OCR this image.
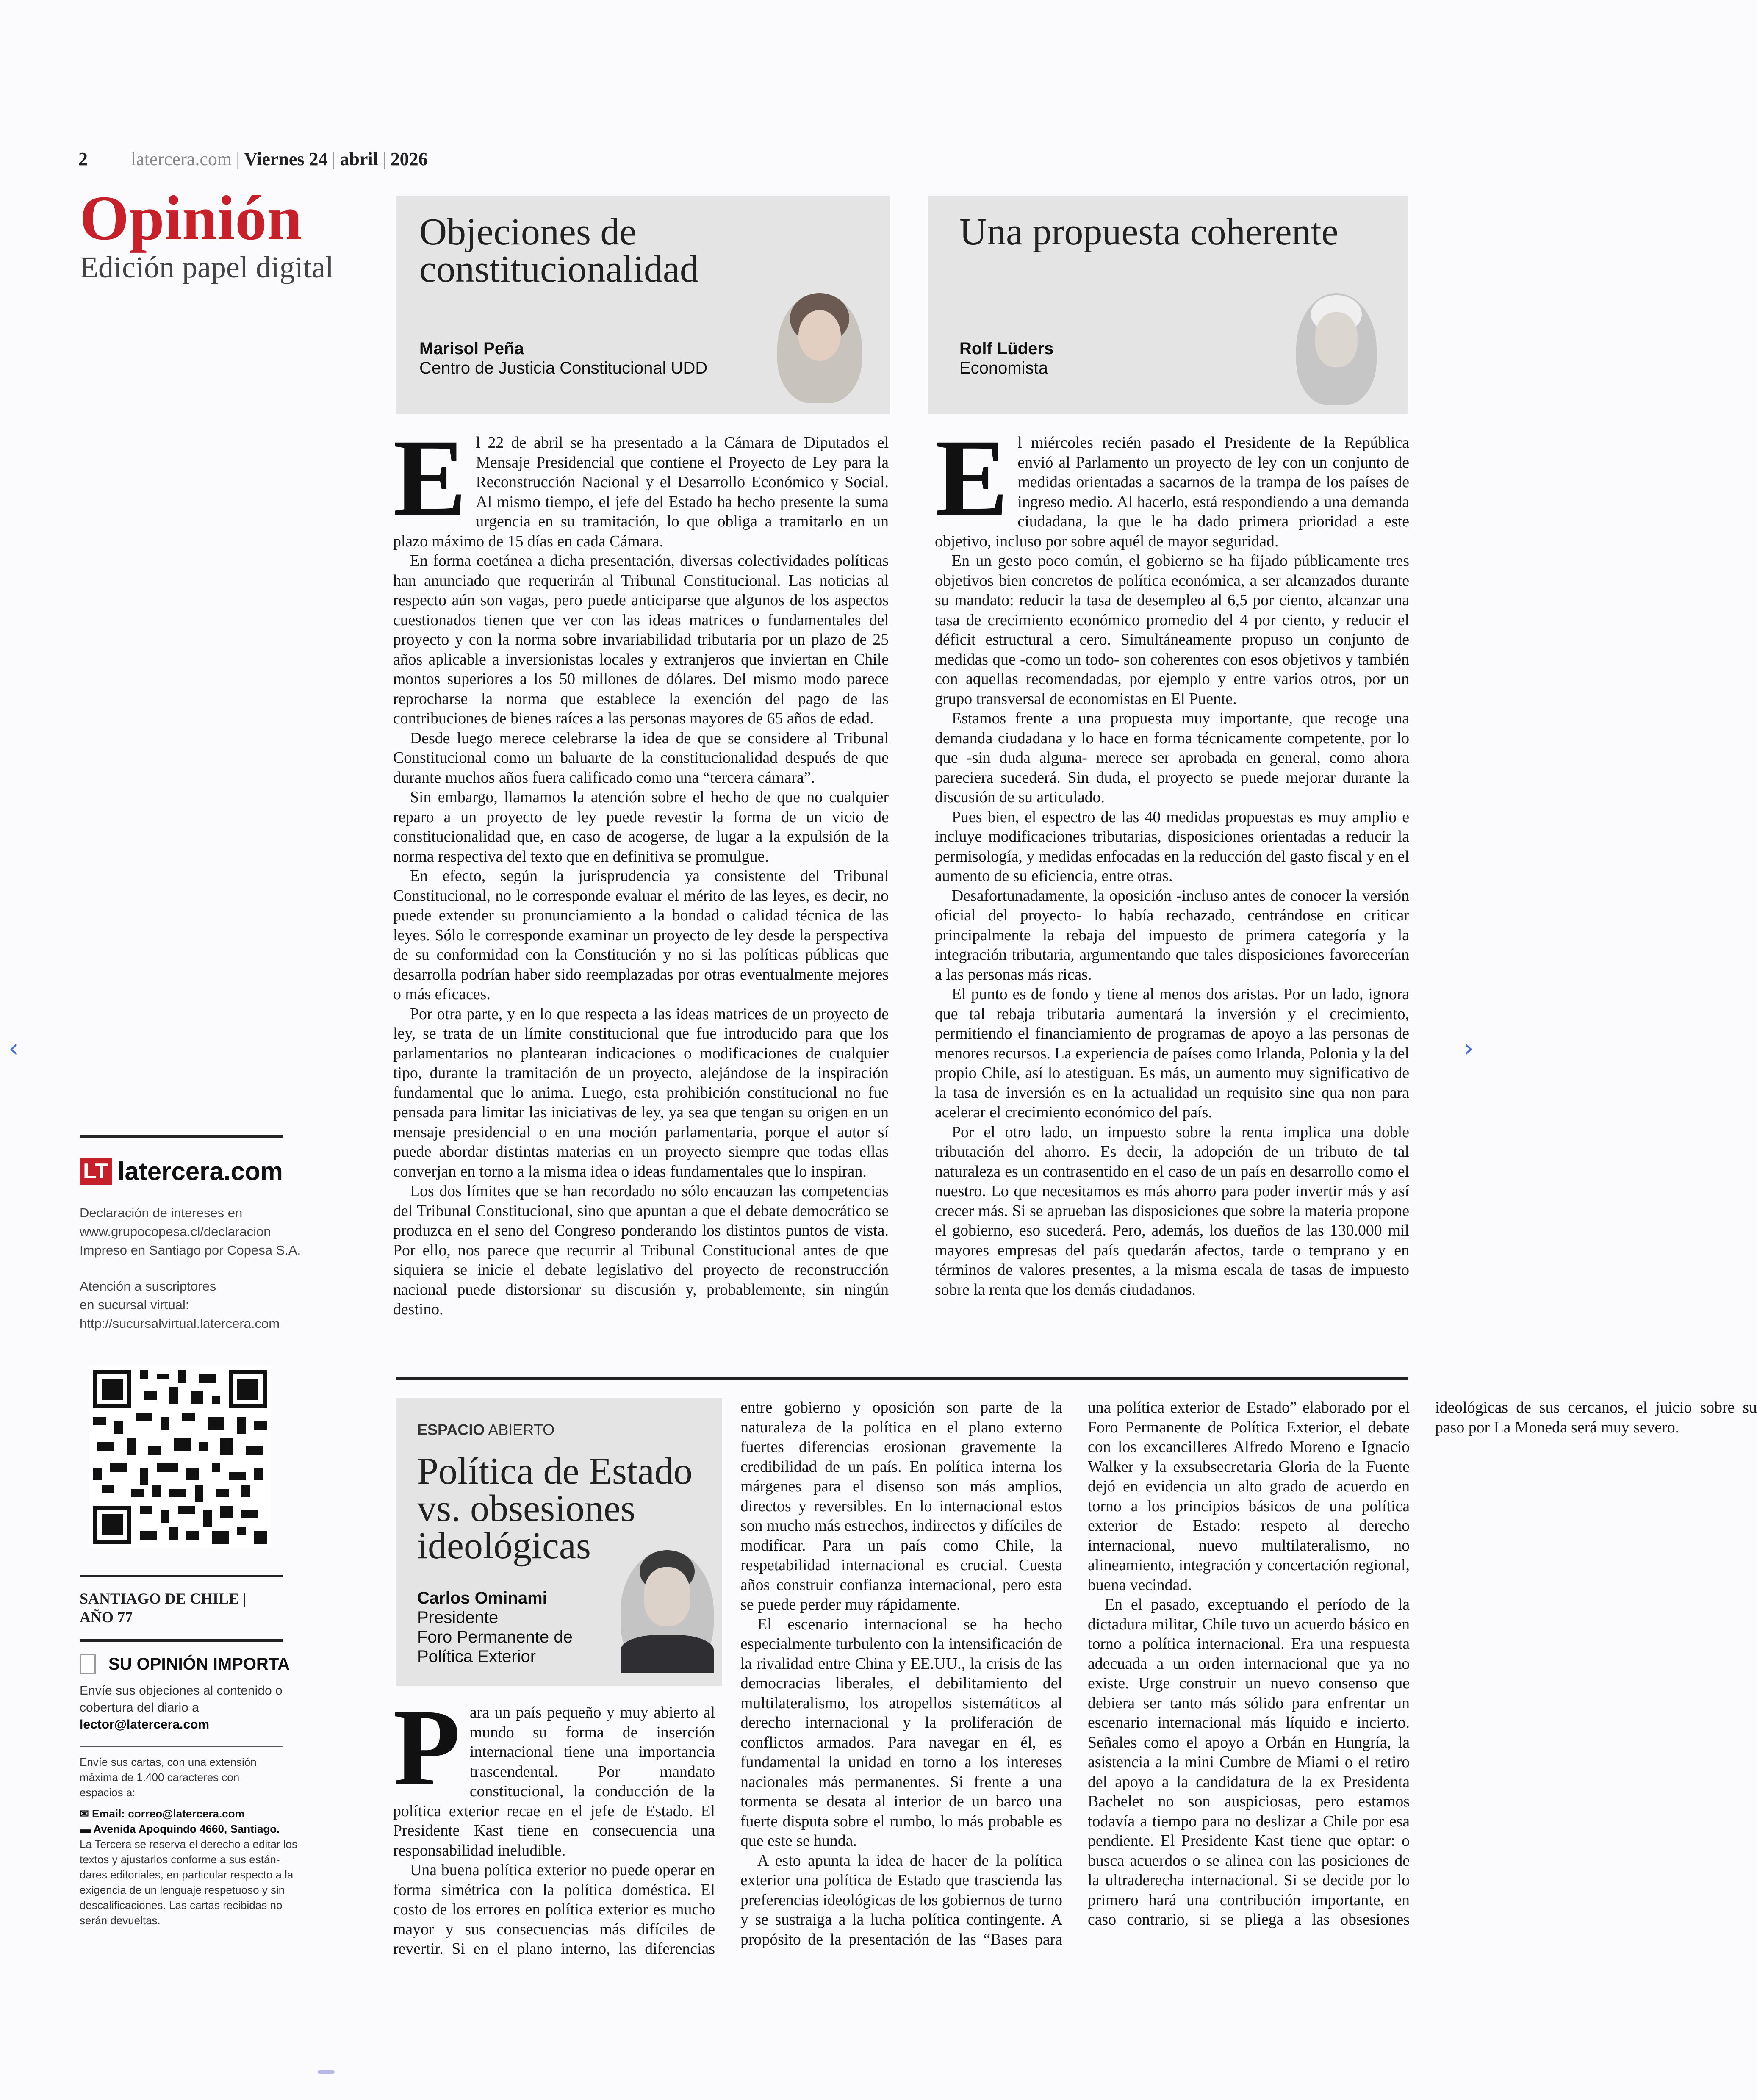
2 latercera.com | Viernes 24 | abril | 2026
Opinión
Edición papel digital
Objeciones de
constitucionalidad
Marisol Peña
Centro de Justicia Constitucional UDD
Una propuesta coherente
Rolf Lüders
Economista
E l 22 de abril se ha presentado a la Cámara de Diputados el Mensaje Presidencial que contiene el Proyecto de Ley para la Reconstrucción Nacional y el Desarrollo Económico y Social. Al mismo tiempo, el jefe del Estado ha hecho presente la suma urgencia en su tramitación, lo que obliga a tramitarlo en un plazo máximo de 15 días en cada Cámara.

En forma coetánea a dicha presentación, diversas colectividades políticas han anunciado que requerirán al Tribunal Constitucional. Las noticias al respecto aún son vagas, pero puede anticiparse que algunos de los aspectos cuestionados tienen que ver con las ideas matrices o fundamentales del proyecto y con la norma sobre invariabilidad tributaria por un plazo de 25 años aplicable a inversionistas locales y extranjeros que inviertan en Chile montos superiores a los 50 millones de dólares. Del mismo modo parece reprocharse la norma que establece la exención del pago de las contribuciones de bienes raíces a las personas mayores de 65 años de edad.

Desde luego merece celebrarse la idea de que se considere al Tribunal Constitucional como un baluarte de la constitucionalidad después de que durante muchos años fuera calificado como una “tercera cámara”.

Sin embargo, llamamos la atención sobre el hecho de que no cualquier reparo a un proyecto de ley puede revestir la forma de un vicio de constitucionalidad que, en caso de acogerse, de lugar a la expulsión de la norma respectiva del texto que en definitiva se promulgue.

En efecto, según la jurisprudencia ya consistente del Tribunal Constitucional, no le corresponde evaluar el mérito de las leyes, es decir, no puede extender su pronunciamiento a la bondad o calidad técnica de las leyes. Sólo le corresponde examinar un proyecto de ley desde la perspectiva de su conformidad con la Constitución y no si las políticas públicas que desarrolla podrían haber sido reemplazadas por otras eventualmente mejores o más eficaces.

Por otra parte, y en lo que respecta a las ideas matrices de un proyecto de ley, se trata de un límite constitucional que fue introducido para que los parlamentarios no plantearan indicaciones o modificaciones de cualquier tipo, durante la tramitación de un proyecto, alejándose de la inspiración fundamental que lo anima. Luego, esta prohibición constitucional no fue pensada para limitar las iniciativas de ley, ya sea que tengan su origen en un mensaje presidencial o en una moción parlamentaria, porque el autor sí puede abordar distintas materias en un proyecto siempre que todas ellas converjan en torno a la misma idea o ideas fundamentales que lo inspiran.

Los dos límites que se han recordado no sólo encauzan las competencias del Tribunal Constitucional, sino que apuntan a que el debate democrático se produzca en el seno del Congreso ponderando los distintos puntos de vista. Por ello, nos parece que recurrir al Tribunal Constitucional antes de que siquiera se inicie el debate legislativo del proyecto de reconstrucción nacional puede distorsionar su discusión y, probablemente, sin ningún destino.

E l miércoles recién pasado el Presidente de la República envió al Parlamento un proyecto de ley con un conjunto de medidas orientadas a sacarnos de la trampa de los países de ingreso medio. Al hacerlo, está respondiendo a una demanda ciudadana, la que le ha dado primera prioridad a este objetivo, incluso por sobre aquél de mayor seguridad.

En un gesto poco común, el gobierno se ha fijado públicamente tres objetivos bien concretos de política económica, a ser alcanzados durante su mandato: reducir la tasa de desempleo al 6,5 por ciento, alcanzar una tasa de crecimiento económico promedio del 4 por ciento, y reducir el déficit estructural a cero. Simultáneamente propuso un conjunto de medidas que -como un todo- son coherentes con esos objetivos y también con aquellas recomendadas, por ejemplo y entre varios otros, por un grupo transversal de economistas en El Puente.

Estamos frente a una propuesta muy importante, que recoge una demanda ciudadana y lo hace en forma técnicamente competente, por lo que -sin duda alguna- merece ser aprobada en general, como ahora pareciera sucederá. Sin duda, el proyecto se puede mejorar durante la discusión de su articulado.

Pues bien, el espectro de las 40 medidas propuestas es muy amplio e incluye modificaciones tributarias, disposiciones orientadas a reducir la permisología, y medidas enfocadas en la reducción del gasto fiscal y en el aumento de su eficiencia, entre otras.

Desafortunadamente, la oposición -incluso antes de conocer la versión oficial del proyecto- lo había rechazado, centrándose en criticar principalmente la rebaja del impuesto de primera categoría y la integración tributaria, argumentando que tales disposiciones favorecerían a las personas más ricas.

El punto es de fondo y tiene al menos dos aristas. Por un lado, ignora que tal rebaja tributaria aumentará la inversión y el crecimiento, permitiendo el financiamiento de programas de apoyo a las personas de menores recursos. La experiencia de países como Irlanda, Polonia y la del propio Chile, así lo atestiguan. Es más, un aumento muy significativo de la tasa de inversión es en la actualidad un requisito sine qua non para acelerar el crecimiento económico del país.

Por el otro lado, un impuesto sobre la renta implica una doble tributación del ahorro. Es decir, la adopción de un tributo de tal naturaleza es un contrasentido en el caso de un país en desarrollo como el nuestro. Lo que necesitamos es más ahorro para poder invertir más y así crecer más. Si se aprueban las disposiciones que sobre la materia propone el gobierno, eso sucederá. Pero, además, los dueños de las 130.000 mil mayores empresas del país quedarán afectos, tarde o temprano y en términos de valores presentes, a la misma escala de tasas de impuesto sobre la renta que los demás ciudadanos.

ESPACIO ABIERTO
Política de Estado
vs. obsesiones
ideológicas
Carlos Ominami
Presidente
Foro Permanente de
Política Exterior
P ara un país pequeño y muy abierto al mundo su forma de inserción internacional tiene una importancia trascendental. Por mandato constitucional, la conducción de la política exterior recae en el jefe de Estado. El Presidente Kast tiene en consecuencia una responsabilidad ineludible.

Una buena política exterior no puede operar en forma simétrica con la política doméstica. El costo de los errores en política exterior es mucho mayor y sus consecuencias más difíciles de revertir. Si en el plano interno, las diferencias entre gobierno y oposición son parte de la naturaleza de la política en el plano externo fuertes diferencias erosionan gravemente la credibilidad de un país. En política interna los márgenes para el disenso son más amplios, directos y reversibles. En lo internacional estos son mucho más estrechos, indirectos y difíciles de modificar. Para un país como Chile, la respetabilidad internacional es crucial. Cuesta años construir confianza internacional, pero esta se puede perder muy rápidamente.

El escenario internacional se ha hecho especialmente turbulento con la intensificación de la rivalidad entre China y EE.UU., la crisis de las democracias liberales, el debilitamiento del multilateralismo, los atropellos sistemáticos al derecho internacional y la proliferación de conflictos armados. Para navegar en él, es fundamental la unidad en torno a los intereses nacionales más permanentes. Si frente a una tormenta se desata al interior de un barco una fuerte disputa sobre el rumbo, lo más probable es que este se hunda.

A esto apunta la idea de hacer de la política exterior una política de Estado que trascienda las preferencias ideológicas de los gobiernos de turno y se sustraiga a la lucha política contingente. A propósito de la presentación de las “Bases para una política exterior de Estado” elaborado por el Foro Permanente de Política Exterior, el debate con los excancilleres Alfredo Moreno e Ignacio Walker y la exsubsecretaria Gloria de la Fuente dejó en evidencia un alto grado de acuerdo en torno a los principios básicos de una política exterior de Estado: respeto al derecho internacional, nuevo multilateralismo, no alineamiento, integración y concertación regional, buena vecindad.

En el pasado, exceptuando el período de la dictadura militar, Chile tuvo un acuerdo básico en torno a política internacional. Era una respuesta adecuada a un orden internacional que ya no existe. Urge construir un nuevo consenso que debiera ser tanto más sólido para enfrentar un escenario internacional más líquido e incierto. Señales como el apoyo a Orbán en Hungría, la asistencia a la mini Cumbre de Miami o el retiro del apoyo a la candidatura de la ex Presidenta Bachelet no son auspiciosas, pero estamos todavía a tiempo para no deslizar a Chile por esa pendiente. El Presidente Kast tiene que optar: o busca acuerdos o se alinea con las posiciones de la ultraderecha internacional. Si se decide por lo primero hará una contribución importante, en caso contrario, si se pliega a las obsesiones ideológicas de sus cercanos, el juicio sobre su paso por La Moneda será muy severo.

LT latercera.com
Declaración de intereses en
www.grupocopesa.cl/declaracion
Impreso en Santiago por Copesa S.A.
Atención a suscriptores
en sucursal virtual:
http://sucursalvirtual.latercera.com
SANTIAGO DE CHILE |
AÑO 77
SU OPINIÓN IMPORTA
Envíe sus objeciones al contenido o
cobertura del diario a
lector@latercera.com
Envíe sus cartas, con una extensión
máxima de 1.400 caracteres con
espacios a:
✉ Email: correo@latercera.com
▬ Avenida Apoquindo 4660, Santiago.
La Tercera se reserva el derecho a editar los
textos y ajustarlos conforme a sus están-
dares editoriales, en particular respecto a la
exigencia de un lenguaje respetuoso y sin
descalificaciones. Las cartas recibidas no
serán devueltas.
‹	›
